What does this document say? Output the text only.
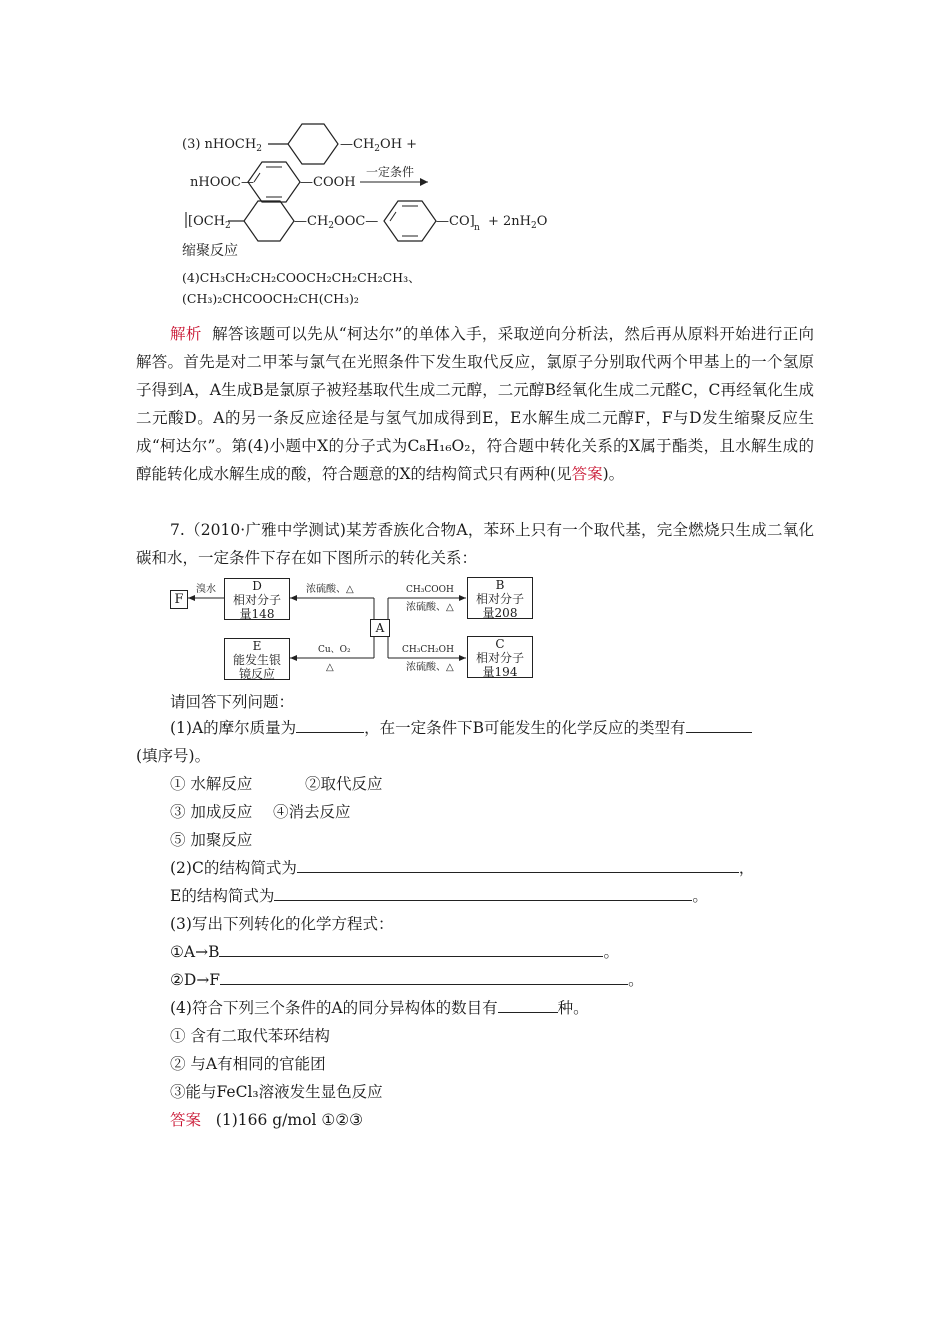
(3) nHOCH$_2$	$—CH_2OH$ +
nHOOC—	—COOH
一定条件
[$OCH_2$	$—CH_2OOC—$	—CO] $n + 2nH_2O$
缩聚反应
(4)CH₃CH₂CH₂COOCH₂CH₂CH₂CH₃、
(CH₃)₂CHCOOCH₂CH(CH₃)₂
解析 解答该题可以先从“柯达尔”的单体入手，采取逆向分析法，然后再从原料开始进行正向解答。首先是对二甲苯与氯气在光照条件下发生取代反应，氯原子分别取代两个甲基上的一个氢原子得到A，A生成B是氯原子被羟基取代生成二元醇，二元醇B经氧化生成二元醛C，C再经氧化生成二元酸D。A的另一条反应途径是与氢气加成得到E，E水解生成二元醇F，F与D发生缩聚反应生成“柯达尔”。第(4)小题中X的分子式为C₈H₁₆O₂，符合题中转化关系的X属于酯类，且水解生成的醇能转化成水解生成的酸，符合题意的X的结构简式只有两种(见答案)。
7.（2010·广雅中学测试)某芳香族化合物A，苯环上只有一个取代基，完全燃烧只生成二氧化碳和水，一定条件下存在如下图所示的转化关系：
溴水	浓硫酸、△	CH₃COOH
浓硫酸、△
Cu、O₂
△
CH₃CH₂OH
浓硫酸、△
F
D
相对分子
量148
A
B
相对分子
量208
E
能发生银
镜反应
C
相对分子
量194
请回答下列问题：
(1)A的摩尔质量为	，在一定条件下B可能发生的化学反应的类型有
(填序号)。
① 水解反应	②取代反应
③ 加成反应 ④消去反应
⑤ 加聚反应
(2)C的结构简式为	，
E的结构简式为	。
(3)写出下列转化的化学方程式：
①A→B	。
②D→F	。
(4)符合下列三个条件的A的同分异构体的数目有	种。
① 含有二取代苯环结构
② 与A有相同的官能团
③能与FeCl₃溶液发生显色反应
答案 (1)166 g/mol ①②③
